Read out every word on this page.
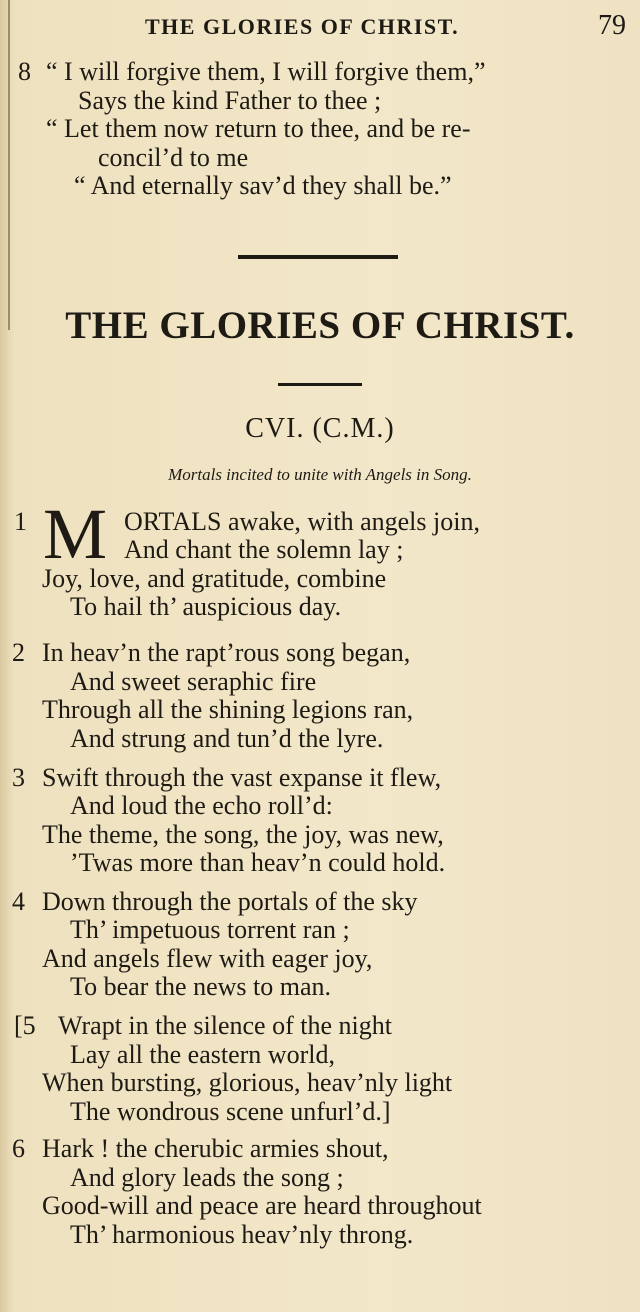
THE GLORIES OF CHRIST.	79
8 “ I will forgive them, I will forgive them,”
Says the kind Father to thee ;
“ Let them now return to thee, and be re-
concil’d to me
“ And eternally sav’d they shall be.”
THE GLORIES OF CHRIST.
CVI. (C.M.)
Mortals incited to unite with Angels in Song.
1 M ORTALS awake, with angels join,
And chant the solemn lay ;
Joy, love, and gratitude, combine
To hail th’ auspicious day.
2 In heav’n the rapt’rous song began,
And sweet seraphic fire
Through all the shining legions ran,
And strung and tun’d the lyre.
3 Swift through the vast expanse it flew,
And loud the echo roll’d:
The theme, the song, the joy, was new,
’Twas more than heav’n could hold.
4 Down through the portals of the sky
Th’ impetuous torrent ran ;
And angels flew with eager joy,
To bear the news to man.
[5 Wrapt in the silence of the night
Lay all the eastern world,
When bursting, glorious, heav’nly light
The wondrous scene unfurl’d.]
6 Hark ! the cherubic armies shout,
And glory leads the song ;
Good-will and peace are heard throughout
Th’ harmonious heav’nly throng.
